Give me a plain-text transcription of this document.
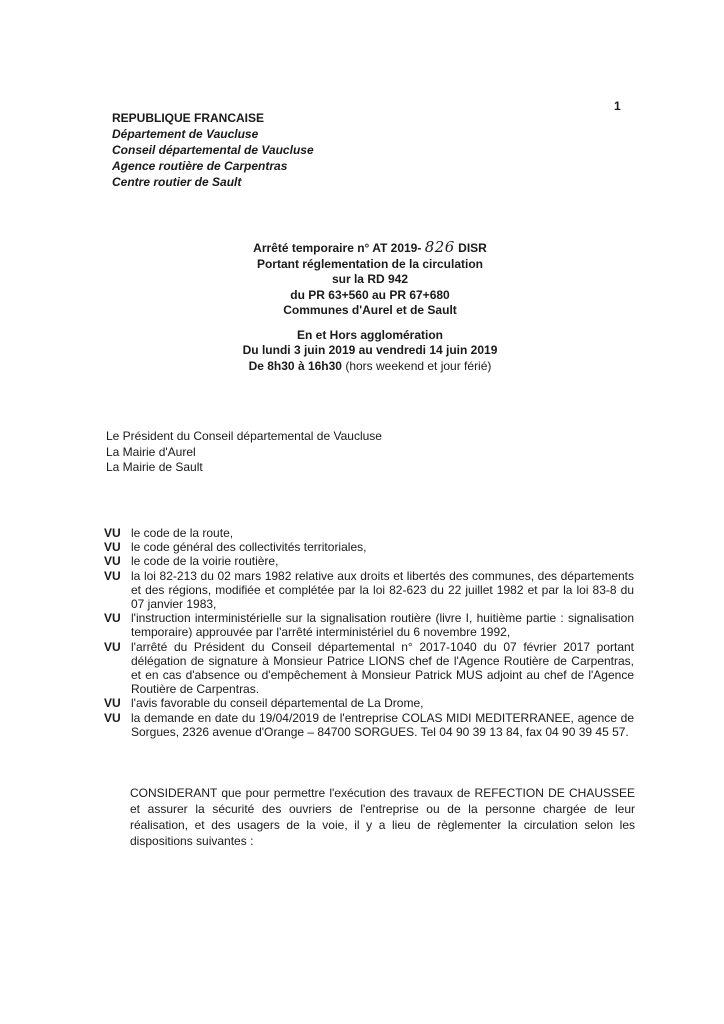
1
REPUBLIQUE FRANCAISE
Département de Vaucluse
Conseil départemental de Vaucluse
Agence routière de Carpentras
Centre routier de Sault
Arrêté temporaire n° AT 2019- 826 DISR
Portant réglementation de la circulation
sur la RD 942
du PR 63+560 au PR 67+680
Communes d'Aurel et de Sault
En et Hors agglomération
Du lundi 3 juin 2019 au vendredi 14 juin 2019
De 8h30 à 16h30 (hors weekend et jour férié)
Le Président du Conseil départemental de Vaucluse
La Mairie d'Aurel
La Mairie de Sault
VU le code de la route,
VU le code général des collectivités territoriales,
VU le code de la voirie routière,
VU la loi 82-213 du 02 mars 1982 relative aux droits et libertés des communes, des départements et des régions, modifiée et complétée par la loi 82-623 du 22 juillet 1982 et par la loi 83-8 du 07 janvier 1983,
VU l'instruction interministérielle sur la signalisation routière (livre I, huitième partie : signalisation temporaire) approuvée par l'arrêté interministériel du 6 novembre 1992,
VU l'arrêté du Président du Conseil départemental n° 2017-1040 du 07 février 2017 portant délégation de signature à Monsieur Patrice LIONS chef de l'Agence Routière de Carpentras, et en cas d'absence ou d'empêchement à Monsieur Patrick MUS adjoint au chef de l'Agence Routière de Carpentras.
VU l'avis favorable du conseil départemental de La Drome,
VU la demande en date du 19/04/2019 de l'entreprise COLAS MIDI MEDITERRANEE, agence de Sorgues, 2326 avenue d'Orange – 84700 SORGUES. Tel 04 90 39 13 84, fax 04 90 39 45 57.
CONSIDERANT que pour permettre l'exécution des travaux de REFECTION DE CHAUSSEE et assurer la sécurité des ouvriers de l'entreprise ou de la personne chargée de leur réalisation, et des usagers de la voie, il y a lieu de règlementer la circulation selon les dispositions suivantes :
